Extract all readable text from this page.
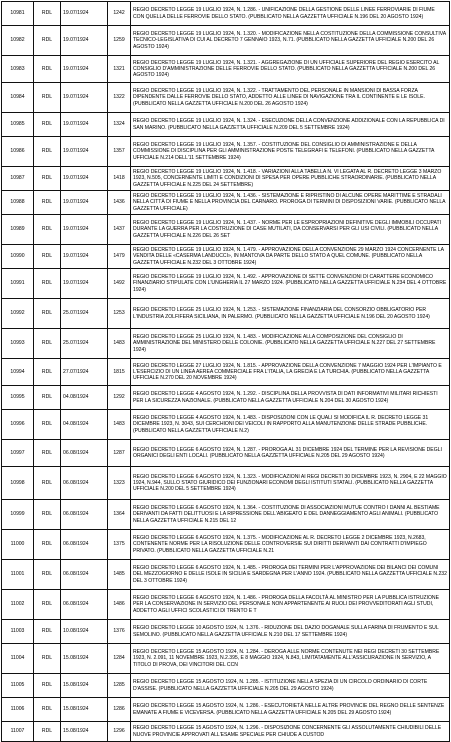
10981	RDL	19.07/1924	1242	REGIO DECRETO LEGGE 19 LUGLIO 1924, N. 1.286. - UNIFICAZIONE DELLA GESTIONE DELLE LINEE FERROVIARIE DI FIUME CON QUELLA DELLE FERROVIE DELLO STATO. (PUBBLICATO NELLA GAZZETTA UFFICIALE N.196 DEL 20 AGOSTO 1924)
10982	RDL	19.07/1924	1259	REGIO DECRETO LEGGE 19 LUGLIO 1924, N. 1.320. - MODIFICAZIONE NELLA COSTITUZIONE DELLA COMMISSIONE CONSULTIVA TECNICO-LEGISLATIVA DI CUI AL DECRETO 7 GENNAIO 1923, N.71. (PUBBLICATO NELLA GAZZETTA UFFICIALE N.200 DEL 26 AGOSTO 1924)
10983	RDL	19.07/1924	1321	REGIO DECRETO LEGGE 19 LUGLIO 1924, N. 1.321. - AGGREGAZIONE DI UN UFFICIALE SUPERIORE DEL REGIO ESERCITO AL CONSIGLIO D'AMMINISTRAZIONE DELLE FERROVIE DELLO STATO. (PUBBLICATO NELLA GAZZETTA UFFICIALE N.200 DEL 26 AGOSTO 1924)
10984	RDL	19.07/1924	1322	REGIO DECRETO LEGGE 19 LUGLIO 1924, N. 1.322. - TRATTAMENTO DEL PERSONALE IN MANSIONI DI BASSA FORZA DIPENDENTE DALLE FERROVIE DELLO STATO, ADDETTO ALLE LINEE DI NAVIGAZIONE TRA IL CONTINENTE E LE ISOLE. (PUBBLICATO NELLA GAZZETTA UFFICIALE N.200 DEL 26 AGOSTO 1924)
10985	RDL	19.07/1924	1324	REGIO DECRETO LEGGE 19 LUGLIO 1924, N. 1.324. - ESECUZIONE DELLA CONVENZIONE ADDIZIONALE CON LA REPUBBLICA DI SAN MARINO. (PUBBLICATO NELLA GAZZETTA UFFICIALE N.209 DEL 5 SETTEMBRE 1924)
10986	RDL	19.07/1924	1357	REGIO DECRETO LEGGE 19 LUGLIO 1924, N. 1.357. - COSTITUZIONE DEL CONSIGLIO DI AMMINISTRAZIONE E DELLA COMMISSIONE DI DISCIPLINA PER GLI AMMINISTRAZIONE POSTE TELEGRAFI E TELEFONI. (PUBBLICATO NELLA GAZZETTA UFFICIALE N.214 DELL'11 SETTEMBRE 1924)
10987	RDL	19.07/1924	1418	REGIO DECRETO LEGGE 19 LUGLIO 1924, N. 1.418. - VARIAZIONI ALLA TABELLA N. VI LEGATA AL R. DECRETO LEGGE 3 MARZO 1923, N.505, CONCERNENTE LIMITI E CONDIZIONI DI SPESA PER OPERE PUBBLICHE STRAORDINARIE. (PUBBLICATO NELLA GAZZETTA UFFICIALE N.225 DEL 24 SETTEMBRE)
10988	RDL	19.07/1924	1436	REGIO DECRETO LEGGE 19 LUGLIO 1924, N. 1.436. - SISTEMAZIONE E RIPRISTINO DI ALCUNE OPERE MARITTIME E STRADALI NELLA CITTÀ DI FIUME E NELLA PROVINCIA DEL CARNARO. PROROGA DI TERMINI DI DISPOSIZIONI VARIE. (PUBBLICATO NELLA GAZZETTA UFFICIALE)
10989	RDL	19.07/1924	1437	REGIO DECRETO LEGGE 19 LUGLIO 1924, N. 1.437. - NORME PER LE ESPROPRIAZIONI DEFINITIVE DEGLI IMMOBILI OCCUPATI DURANTE LA GUERRA PER LA COSTRUZIONE DI CASE MUTILATI, DA CONSERVARSI PER GLI USI CIVILI. (PUBBLICATO NELLA GAZZETTA UFFICIALE N.226 DEL 26 SET
10990	RDL	19.07/1924	1479	REGIO DECRETO LEGGE 19 LUGLIO 1924, N. 1.479. - APPROVAZIONE DELLA CONVENZIONE 29 MARZO 1924 CONCERNENTE LA VENDITA DELLE «CASERMA LANDUCCI», IN MANTOVA DA PARTE DELLO STATO A QUEL COMUNE. (PUBBLICATO NELLA GAZZETTA UFFICIALE N.232 DEL 3 OTTOBRE 1924)
10991	RDL	19.07/1924	1492	REGIO DECRETO LEGGE 19 LUGLIO 1924, N. 1.492. - APPROVAZIONE DI SETTE CONVENZIONI DI CARATTERE ECONOMICO FINANZIARIO STIPULATE CON L'UNGHERIA IL 27 MARZO 1924. (PUBBLICATO NELLA GAZZETTA UFFICIALE N.234 DEL 4 OTTOBRE 1924)
10992	RDL	25.07/1924	1253	REGIO DECRETO LEGGE 25 LUGLIO 1924, N. 1.253. - SISTEMAZIONE FINANZIARIA DEL CONSORZIO OBBLIGATORIO PER L'INDUSTRIA ZOLFIFERA SICILIANA, IN PALERMO. (PUBBLICATO NELLA GAZZETTA UFFICIALE N.196 DEL 20 AGOSTO 1924)
10993	RDL	25.07/1924	1483	REGIO DECRETO LEGGE 25 LUGLIO 1924, N. 1.483. - MODIFICAZIONE ALLA COMPOSIZIONE DEL CONSIGLIO DI AMMINISTRAZIONE DEL MINISTERO DELLE COLONIE. (PUBBLICATO NELLA GAZZETTA UFFICIALE N.227 DEL 27 SETTEMBRE 1924)
10994	RDL	27.07/1924	1815	REGIO DECRETO LEGGE 27 LUGLIO 1924, N. 1.815. - APPROVAZIONE DELLA CONVENZIONE 7 MAGGIO 1924 PER L'IMPIANTO E L'ESERCIZIO DI UN LINEA AEREA COMMERCIALE FRA L'ITALIA, LA GRECIA E LA TURCHIA. (PUBBLICATO NELLA GAZZETTA UFFICIALE N.270 DEL 20 NOVEMBRE 1924)
10995	RDL	04.08/1924	1292	REGIO DECRETO LEGGE 4 AGOSTO 1924, N. 1.292. - DISCIPLINA DELLA PROVVISTA DI DATI INFORMATIVI MILITARI RICHIESTI PER LA SICUREZZA NAZIONALE. (PUBBLICATO NELLA GAZZETTA UFFICIALE N.204 DEL 30 AGOSTO 1924)
10996	RDL	04.08/1924	1483	REGIO DECRETO LEGGE 4 AGOSTO 1924, N. 1.483. - DISPOSIZIONI CON LE QUALI SI MODIFICA IL R. DECRETO LEGGE 31 DICEMBRE 1923, N. 3043, SUI CERCHIONI DEI VEICOLI IN RAPPORTO ALLA MANUTENZIONE DELLE STRADE PUBBLICHE. (PUBBLICATO NELLA GAZZETTA UFFICIALE N.2)
10997	RDL	06.08/1924	1287	REGIO DECRETO LEGGE 6 AGOSTO 1924, N. 1.287. - PROROGA AL 31 DICEMBRE 1924 DEL TERMINE PER LA REVISIONE DEGLI ORGANICI DEGLI ENTI LOCALI. (PUBBLICATO NELLA GAZZETTA UFFICIALE N.205 DEL 29 AGOSTO 1924)
10998	RDL	06.08/1924	1323	REGIO DECRETO LEGGE 6 AGOSTO 1924, N. 1.323. - MODIFICAZIONI AI REGI DECRETI 30 DICEMBRE 1923, N. 2904, E 22 MAGGIO 1924, N.944, SULLO STATO GIURIDICO DEI FUNZIONARI ECONOMI DEGLI ISTITUTI STATALI. (PUBBLICATO NELLA GAZZETTA UFFICIALE N.200 DEL 5 SETTEMBRE 1924)
10999	RDL	06.08/1924	1364	REGIO DECRETO LEGGE 6 AGOSTO 1924, N. 1.364. - COSTITUZIONE DI ASSOCIAZIONI MUTUE CONTRO I DANNI AL BESTIAME DERIVANTI DA FATTI DELITTUOSI E LA RIPRESSIONE DELL'ABIGEATO E DEL DANNEGGIAMENTO AGLI ANIMALI. (PUBBLICATO NELLA GAZZETTA UFFICIALE N.215 DEL 12
11000	RDL	06.08/1924	1375	REGIO DECRETO LEGGE 6 AGOSTO 1924, N. 1.375. - MODIFICAZIONE AL R. DECRETO LEGGE 2 DICEMBRE 1923, N.2683, CONTENENTE NORME PER LA RISOLUZIONE DELLE CONTROVERSIE SUI DIRITTI DERIVANTI DAI CONTRATTI D'IMPIEGO PRIVATO. (PUBBLICATO NELLA GAZZETTA UFFICIALE N.21
11001	RDL	06.08/1924	1485	REGIO DECRETO LEGGE 6 AGOSTO 1924, N. 1.485. - PROROGA DEI TERMINI PER L'APPROVAZIONE DEI BILANCI DEI COMUNI DEL MEZZOGIORNO E DELLE ISOLE IN SICILIA E SARDEGNA PER L'ANNO 1924. (PUBBLICATO NELLA GAZZETTA UFFICIALE N.232 DEL 3 OTTOBRE 1924)
11002	RDL	06.08/1924	1486	REGIO DECRETO LEGGE 6 AGOSTO 1924, N. 1.486. - PROROGA DELLA FACOLTÀ AL MINISTRO PER LA PUBBLICA ISTRUZIONE PER LA CONSERVAZIONE IN SERVIZIO DEL PERSONALE NON APPARTENENTE AI RUOLI DEI PROVVEDITORATI AGLI STUDI, ADDETTO AGLI UFFICI SCOLASTICI DI TRENTO E T
11003	RDL	10.08/1924	1376	REGIO DECRETO LEGGE 10 AGOSTO 1924, N. 1.376. - RIDUZIONE DEL DAZIO DOGANALE SULLA FARINA DI FRUMENTO E SUL SEMOLINO. (PUBBLICATO NELLA GAZZETTA UFFICIALE N.210 DEL 17 SETTEMBRE 1924)
11004	RDL	15.08/1924	1284	REGIO DECRETO LEGGE 15 AGOSTO 1924, N. 1.284. - DEROGA ALLE NORME CONTENUTE NEI REGI DECRETI 30 SETTEMBRE 1923, N. 2.091, 11 NOVEMBRE 1923, N.2.395, E 8 MAGGIO 1924, N.843, LIMITATAMENTE ALL'ASSICURAZIONE IN SERVIZIO, A TITOLO DI PROVA, DEI VINCITORI DEL CCN
11005	RDL	15.08/1924	1285	REGIO DECRETO LEGGE 15 AGOSTO 1924, N. 1.285. - ISTITUZIONE NELLA SPEZIA DI UN CIRCOLO ORDINARIO DI CORTE D'ASSISE. (PUBBLICATO NELLA GAZZETTA UFFICIALE N.205 DEL 29 AGOSTO 1924)
11006	RDL	15.08/1924	1286	REGIO DECRETO LEGGE 15 AGOSTO 1924, N. 1.286. - ESECUTORIETÀ NELLE ALTRE PROVINCIE DEL REGNO DELLE SENTENZE EMANATE A FIUME E VICEVERSA. (PUBBLICATO NELLA GAZZETTA UFFICIALE N.205 DEL 29 AGOSTO 1924)
11007	RDL	15.08/1924	1296	REGIO DECRETO LEGGE 15 AGOSTO 1924, N. 1.296. - DISPOSIZIONE CONCERNENTE GLI ASSOLUTAMENTE CHIUDIBILI DELLE NUOVE PROVINCIE APPROVATI ALL'ESAME SPECIALE PER CHIUDE A CUSTOD
